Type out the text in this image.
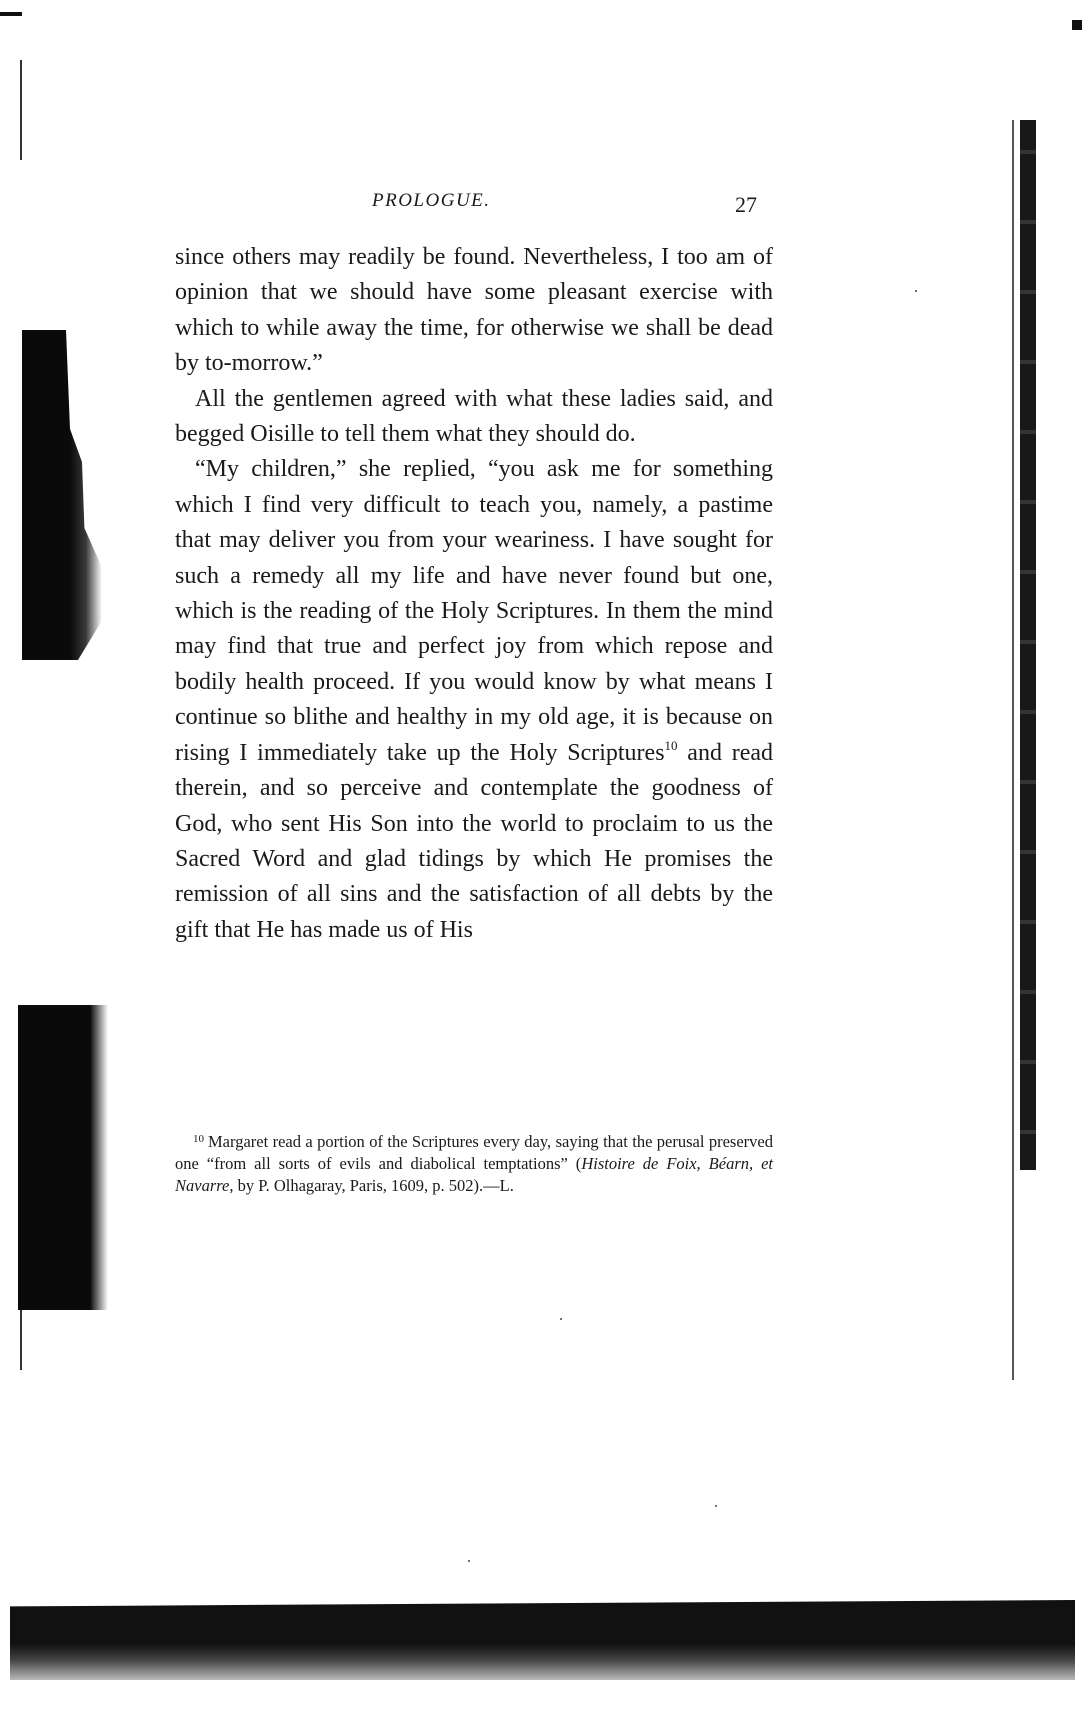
PROLOGUE.	27

since others may readily be found. Nevertheless, I too am of opinion that we should have some pleasant exercise with which to while away the time, for otherwise we shall be dead by to-morrow.”

All the gentlemen agreed with what these ladies said, and begged Oisille to tell them what they should do.

“My children,” she replied, “you ask me for something which I find very difficult to teach you, namely, a pastime that may deliver you from your weariness. I have sought for such a remedy all my life and have never found but one, which is the reading of the Holy Scriptures. In them the mind may find that true and perfect joy from which repose and bodily health proceed. If you would know by what means I continue so blithe and healthy in my old age, it is because on rising I immediately take up the Holy Scriptures$^{10}$ and read therein, and so perceive and contemplate the goodness of God, who sent His Son into the world to proclaim to us the Sacred Word and glad tidings by which He promises the remission of all sins and the satisfaction of all debts by the gift that He has made us of His

$^{10}$ Margaret read a portion of the Scriptures every day, saying that the perusal preserved one “from all sorts of evils and diabolical temptations” (Histoire de Foix, Béarn, et Navarre, by P. Olhagaray, Paris, 1609, p. 502).—L.
